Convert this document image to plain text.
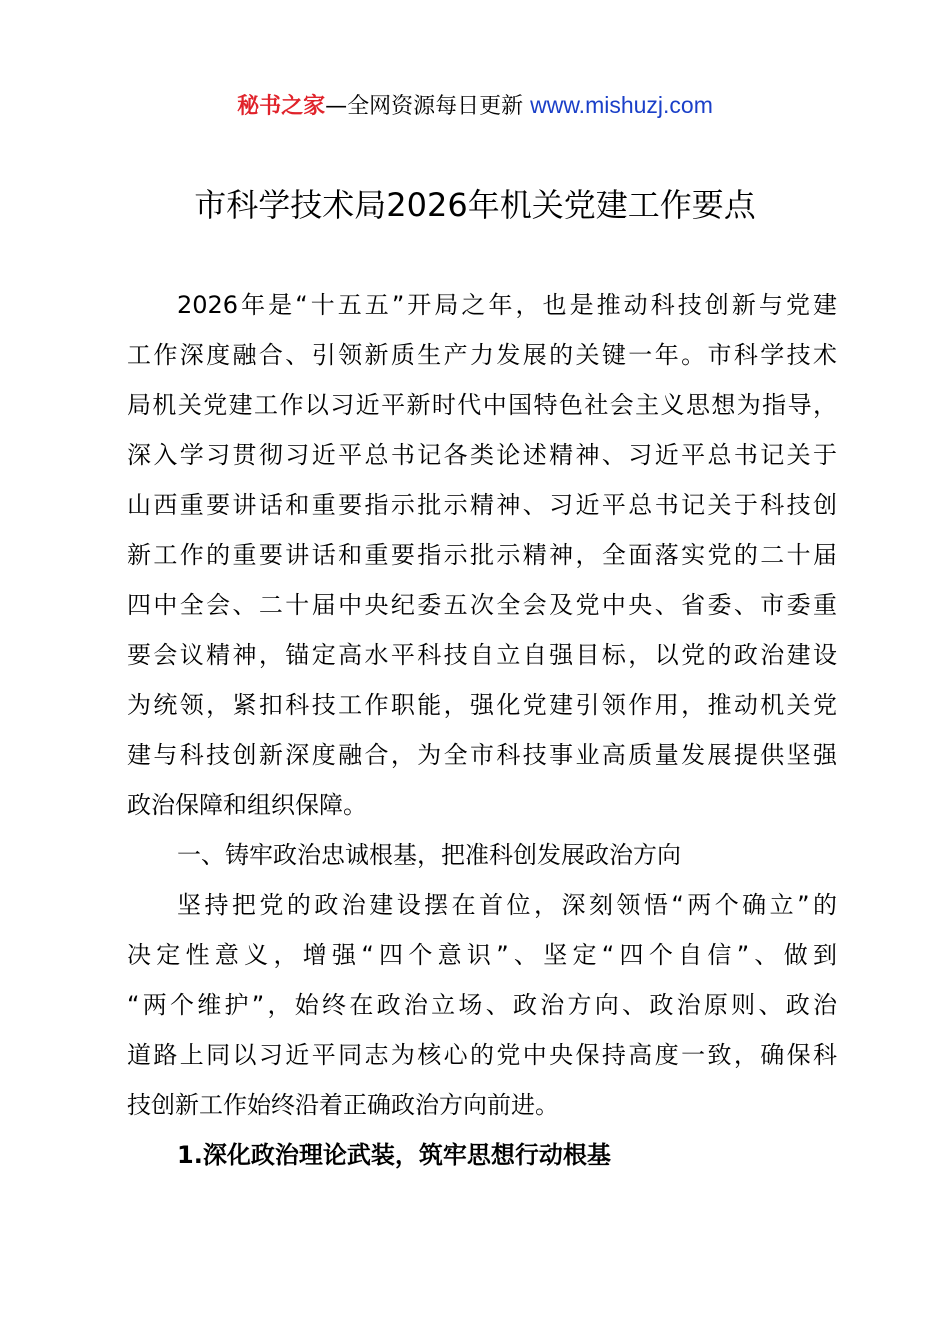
秘书之家—全网资源每日更新 www.mishuzj.com
市科学技术局2026年机关党建工作要点
2026年是“十五五”开局之年，也是推动科技创新与党建
工作深度融合、引领新质生产力发展的关键一年。市科学技术
局机关党建工作以习近平新时代中国特色社会主义思想为指导，
深入学习贯彻习近平总书记各类论述精神、习近平总书记关于
山西重要讲话和重要指示批示精神、习近平总书记关于科技创
新工作的重要讲话和重要指示批示精神，全面落实党的二十届
四中全会、二十届中央纪委五次全会及党中央、省委、市委重
要会议精神，锚定高水平科技自立自强目标，以党的政治建设
为统领，紧扣科技工作职能，强化党建引领作用，推动机关党
建与科技创新深度融合，为全市科技事业高质量发展提供坚强
政治保障和组织保障。
一、铸牢政治忠诚根基，把准科创发展政治方向
坚持把党的政治建设摆在首位，深刻领悟“两个确立”的
决定性意义，增强“四个意识”、坚定“四个自信”、做到
“两个维护”，始终在政治立场、政治方向、政治原则、政治
道路上同以习近平同志为核心的党中央保持高度一致，确保科
技创新工作始终沿着正确政治方向前进。
1.深化政治理论武装，筑牢思想行动根基
